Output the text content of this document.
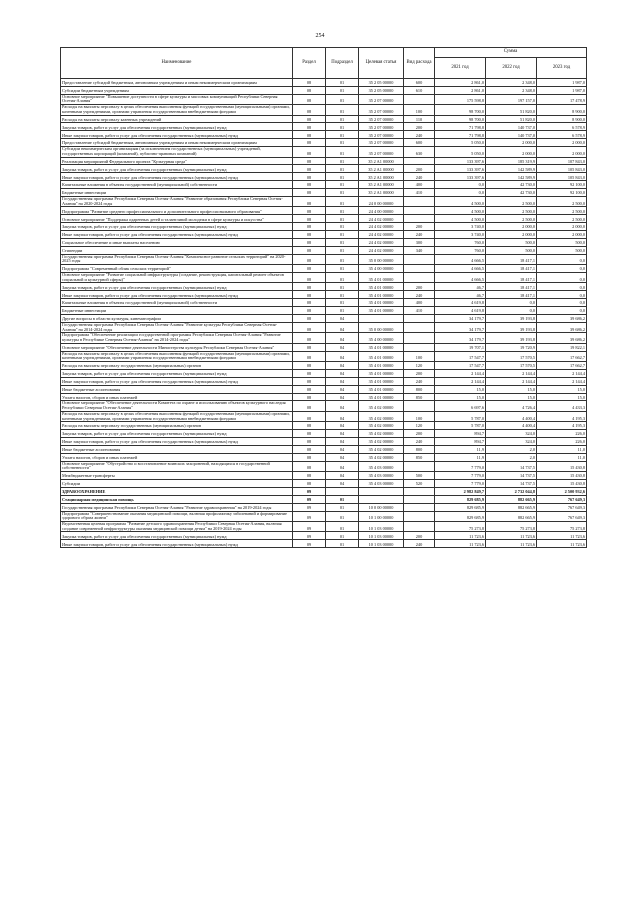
254
Наименование	Раздел	Подраздел	Целевая статья	Вид расхода	Сумма		
					2021 год	2022 год	2023 год
Предоставление субсидий бюджетным, автономным учреждениям и иным некоммерческим организациям	08	01	35 2 05 00000	600	2 861,0	2 348,0	1 987,0
Субсидии бюджетным учреждениям	08	01	35 2 05 00000	610	2 861,0	2 348,0	1 987,0
Основное мероприятие "Повышение доступности в сфере культуры и массовых коммуникаций Республики Северная Осетия-Алания"	08	01	35 2 07 00000		175 598,8	197 157,0	17 478,9
Расходы на выплаты персоналу в целях обеспечения выполнения функций государственными (муниципальными) органами, казенными учреждениями, органами управления государственными внебюджетными фондами	08	01	35 2 07 00000	100	98 700,0	51 820,0	8 900,0
Расходы на выплаты персоналу казенных учреждений	08	01	35 2 07 00000	110	98 700,0	51 820,0	8 900,0
Закупка товаров, работ и услуг для обеспечения государственных (муниципальных) нужд	08	01	35 2 07 00000	200	71 798,8	140 737,0	6 578,9
Иные закупки товаров, работ и услуг для обеспечения государственных (муниципальных) нужд	08	01	35 2 07 00000	240	71 798,8	140 737,0	6 578,9
Предоставление субсидий бюджетным, автономным учреждениям и иным некоммерческим организациям	08	01	35 2 07 00000	600	5 050,0	2 000,0	2 000,0
Субсидии некоммерческим организациям (за исключением государственных (муниципальных) учреждений, государственных корпораций (компаний), публично-правовых компаний)	08	01	35 2 07 00000	630	5 050,0	2 000,0	2 000,0
Реализация мероприятий Федерального проекта "Культурная среда"	08	01	35 2 A1 00000		133 397,6	185 319,9	107 843,0
Закупка товаров, работ и услуг для обеспечения государственных (муниципальных) нужд	08	01	35 2 A1 00000	200	133 397,6	142 589,9	105 843,0
Иные закупки товаров, работ и услуг для обеспечения государственных (муниципальных) нужд	08	01	35 2 A1 00000	240	133 397,6	142 589,9	105 843,0
Капитальные вложения в объекты государственной (муниципальной) собственности	08	01	35 2 A1 00000	400	0,0	42 730,0	92 100,0
Бюджетные инвестиции	08	01	35 2 A1 00000	410	0,0	42 730,0	92 100,0
Государственная программа Республики Северная Осетия-Алания "Развитие образования Республики Северная Осетия-Алания" на 2020-2024 годы	08	01	24 0 00 00000		4 500,0	2 500,0	2 500,0
Подпрограмма "Развитие среднего профессионального и дополнительного профессионального образования"	08	01	24 4 00 00000		4 500,0	2 500,0	2 500,0
Основное мероприятие "Поддержка одаренных детей и талантливой молодежи в сфере культуры и искусства"	08	01	24 4 02 00000		4 500,0	2 500,0	2 500,0
Закупка товаров, работ и услуг для обеспечения государственных (муниципальных) нужд	08	01	24 4 02 00000	200	3 740,0	2 000,0	2 000,0
Иные закупки товаров, работ и услуг для обеспечения государственных (муниципальных) нужд	08	01	24 4 02 00000	240	3 740,0	2 000,0	2 000,0
Социальное обеспечение и иные выплаты населению	08	01	24 4 02 00000	300	760,0	500,0	500,0
Стипендии	08	01	24 4 02 00000	340	760,0	500,0	500,0
Государственная программа Республики Северная Осетия-Алания "Комплексное развитие сельских территорий" на 2020-2025 годы	08	01	35 0 00 00000		4 666,5	18 417,1	0,0
Подпрограмма "Современный облик сельских территорий"	08	01	35 4 00 00000		4 666,5	18 417,1	0,0
Основное мероприятие "Развитие социальной инфраструктуры (создание, реконструкция, капитальный ремонт объектов социальной и культурной сферы)"	08	01	35 4 01 00000		4 666,5	18 417,1	0,0
Закупка товаров, работ и услуг для обеспечения государственных (муниципальных) нужд	08	01	35 4 01 00000	200	46,7	18 417,1	0,0
Иные закупки товаров, работ и услуг для обеспечения государственных (муниципальных) нужд	08	01	35 4 01 00000	240	46,7	18 417,1	0,0
Капитальные вложения в объекты государственной (муниципальной) собственности	08	01	35 4 01 00000	400	4 619,8	0,0	0,0
Бюджетные инвестиции	08	01	35 4 01 00000	410	4 619,8	0,0	0,0
Другие вопросы в области культуры, кинематографии	08	04			34 179,7	39 193,8	39 686,2
Государственная программа Республики Северная Осетия-Алания "Развитие культуры Республики Северная Осетия-Алания" на 2014-2024 годы	08	04	35 0 00 00000		34 179,7	39 193,8	39 686,2
Подпрограмма "Обеспечение реализации государственной программы Республики Северная Осетия-Алания "Развитие культуры в Республике Северная Осетия-Алания" на 2014-2024 годы"	08	04	35 4 00 00000		34 179,7	39 193,8	39 686,2
Основное мероприятие "Обеспечение деятельности Министерства культуры Республики Северная Осетия-Алания"	08	04	35 4 01 00000		19 707,1	19 720,9	19 822,1
Расходы на выплаты персоналу в целях обеспечения выполнения функций государственными (муниципальными) органами, казенными учреждениями, органами управления государственными внебюджетными фондами	08	04	35 4 01 00000	100	17 547,7	17 570,5	17 662,7
Расходы на выплаты персоналу государственных (муниципальных) органов	08	04	35 4 01 00000	120	17 547,7	17 570,5	17 662,7
Закупка товаров, работ и услуг для обеспечения государственных (муниципальных) нужд	08	04	35 4 01 00000	200	2 144,4	2 144,4	2 144,4
Иные закупки товаров, работ и услуг для обеспечения государственных (муниципальных) нужд	08	04	35 4 01 00000	240	2 144,4	2 144,4	2 144,4
Иные бюджетные ассигнования	08	04	35 4 01 00000	800	15,0	15,0	15,0
Уплата налогов, сборов и иных платежей	08	04	35 4 01 00000	850	15,0	15,0	15,0
Основное мероприятие "Обеспечение деятельности Комитета по охране и использованию объектов культурного наследия Республики Северная Осетия-Алания"	08	04	35 4 02 00000		6 697,6	4 726,4	4 433,3
Расходы на выплаты персоналу в целях обеспечения выполнения функций государственными (муниципальными) органами, казенными учреждениями, органами управления государственными внебюджетными фондами	08	04	35 4 02 00000	100	5 787,0	4 400,4	4 195,3
Расходы на выплаты персоналу государственных (муниципальных) органов	08	04	35 4 02 00000	120	5 787,0	4 400,4	4 195,3
Закупка товаров, работ и услуг для обеспечения государственных (муниципальных) нужд	08	04	35 4 02 00000	200	894,7	324,0	226,0
Иные закупки товаров, работ и услуг для обеспечения государственных (муниципальных) нужд	08	04	35 4 02 00000	240	894,7	324,0	226,0
Иные бюджетные ассигнования	08	04	35 4 02 00000	800	11,9	2,0	11,0
Уплата налогов, сборов и иных платежей	08	04	35 4 02 00000	850	11,9	2,0	11,0
Основное мероприятие "Обустройство и восстановление воинских захоронений, находящихся в государственной собственности"	08	04	35 4 03 00000		7 779,0	14 737,5	15 430,8
Межбюджетные трансферты	08	04	35 4 03 00000	500	7 779,0	14 737,5	15 430,8
Субсидии	08	04	35 4 03 00000	520	7 779,0	14 737,5	15 430,8
ЗДРАВООХРАНЕНИЕ	09				2 982 849,7	2 732 044,8	2 500 932,6
Стационарная медицинская помощь	09	01			829 685,9	882 665,9	767 649,3
Государственная программа Республики Северная Осетия-Алания "Развитие здравоохранения" на 2019-2024 годы	09	01	10 0 00 00000		829 685,9	882 665,9	767 649,3
Подпрограмма "Совершенствование оказания медицинской помощи, включая профилактику заболеваний и формирование здорового образа жизни"	09	01	10 1 00 00000		829 685,9	882 665,9	767 649,3
Ведомственная целевая программа "Развитие детского здравоохранения Республики Северная Осетия-Алания, включая создание современной инфраструктуры оказания медицинской помощи детям" на 2019-2024 годы	09	01	10 1 03 00000		75 273,8	75 273,8	75 273,8
Закупка товаров, работ и услуг для обеспечения государственных (муниципальных) нужд	09	01	10 1 03 00000	200	11 723,6	11 723,6	11 723,6
Иные закупки товаров, работ и услуг для обеспечения государственных (муниципальных) нужд	09	01	10 1 03 00000	240	11 723,6	11 723,6	11 723,6
